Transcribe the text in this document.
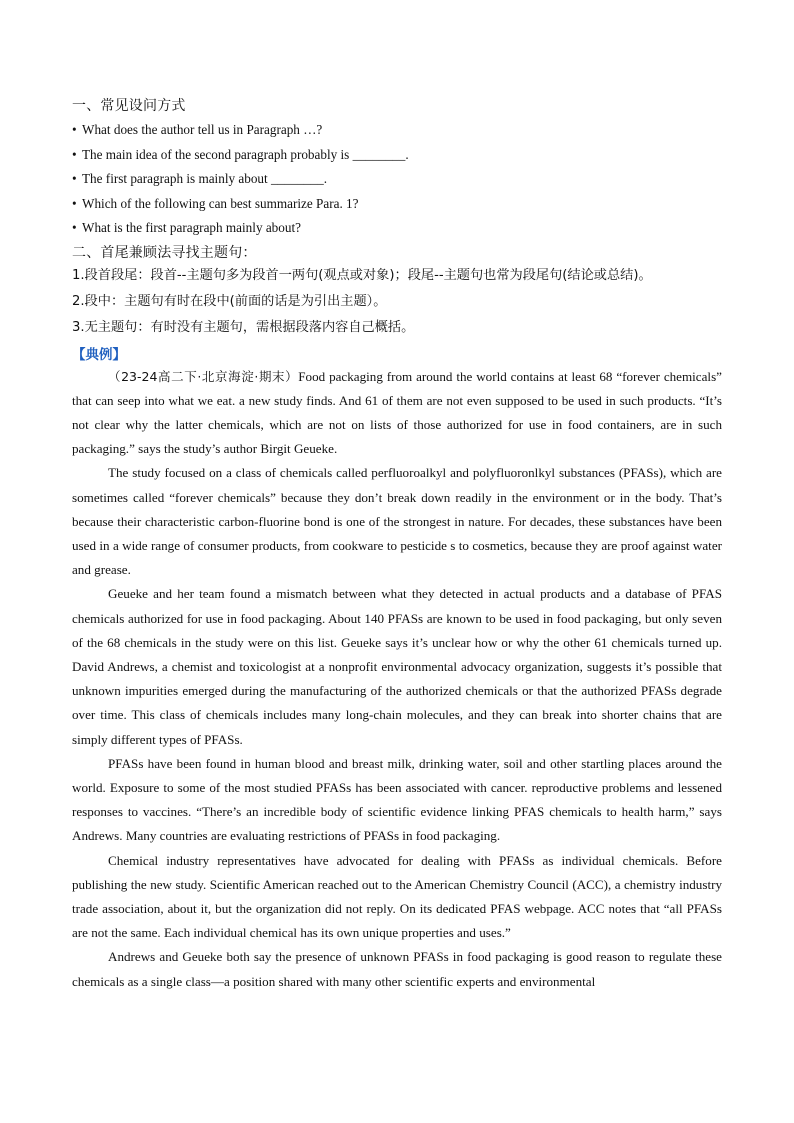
一、常见设问方式

• What does the author tell us in Paragraph …?
• The main idea of the second paragraph probably is ________.
• The first paragraph is mainly about ________.
• Which of the following can best summarize Para. 1?
• What is the first paragraph mainly about?

二、首尾兼顾法寻找主题句：

1.段首段尾：段首--主题句多为段首一两句(观点或对象)；段尾--主题句也常为段尾句(结论或总结)。

2.段中：主题句有时在段中(前面的话是为引出主题）。

3.无主题句：有时没有主题句，需根据段落内容自己概括。

【典例】

（23-24高二下·北京海淀·期末）Food packaging from around the world contains at least 68 “forever chemicals” that can seep into what we eat. a new study finds. And 61 of them are not even supposed to be used in such products. “It’s not clear why the latter chemicals, which are not on lists of those authorized for use in food containers, are in such packaging.” says the study’s author Birgit Geueke.

The study focused on a class of chemicals called perfluoroalkyl and polyfluoronlkyl substances (PFASs), which are sometimes called “forever chemicals” because they don’t break down readily in the environment or in the body. That’s because their characteristic carbon-fluorine bond is one of the strongest in nature. For decades, these substances have been used in a wide range of consumer products, from cookware to pesticide s to cosmetics, because they are proof against water and grease.

Geueke and her team found a mismatch between what they detected in actual products and a database of PFAS chemicals authorized for use in food packaging. About 140 PFASs are known to be used in food packaging, but only seven of the 68 chemicals in the study were on this list. Geueke says it’s unclear how or why the other 61 chemicals turned up. David Andrews, a chemist and toxicologist at a nonprofit environmental advocacy organization, suggests it’s possible that unknown impurities emerged during the manufacturing of the authorized chemicals or that the authorized PFASs degrade over time. This class of chemicals includes many long-chain molecules, and they can break into shorter chains that are simply different types of PFASs.

PFASs have been found in human blood and breast milk, drinking water, soil and other startling places around the world. Exposure to some of the most studied PFASs has been associated with cancer. reproductive problems and lessened responses to vaccines. “There’s an incredible body of scientific evidence linking PFAS chemicals to health harm,” says Andrews. Many countries are evaluating restrictions of PFASs in food packaging.

Chemical industry representatives have advocated for dealing with PFASs as individual chemicals. Before publishing the new study. Scientific American reached out to the American Chemistry Council (ACC), a chemistry industry trade association, about it, but the organization did not reply. On its dedicated PFAS webpage. ACC notes that “all PFASs are not the same. Each individual chemical has its own unique properties and uses.”

Andrews and Geueke both say the presence of unknown PFASs in food packaging is good reason to regulate these chemicals as a single class—a position shared with many other scientific experts and environmental
